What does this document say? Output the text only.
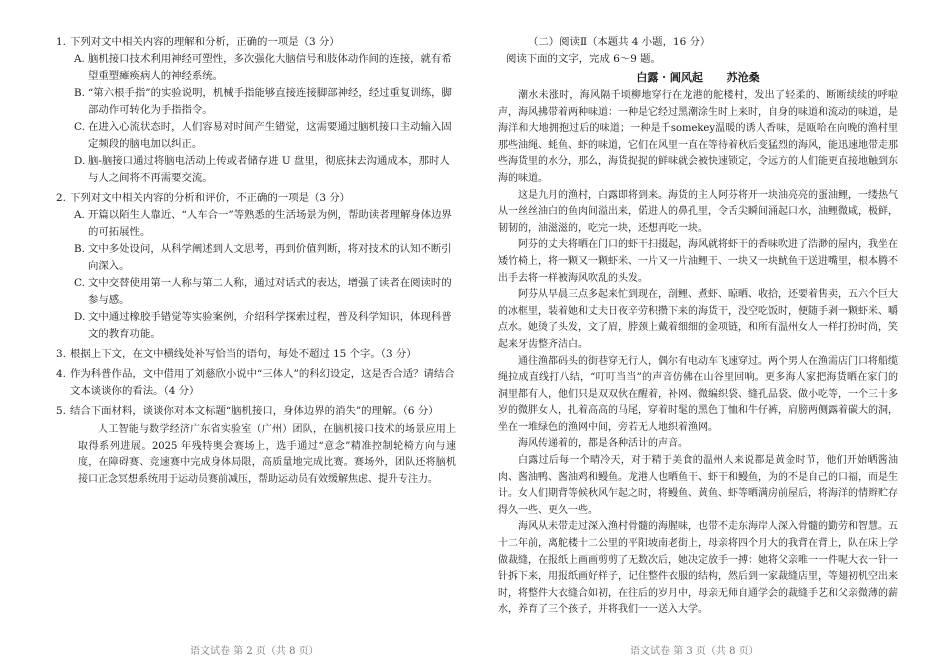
1. 下列对文中相关内容的理解和分析，正确的一项是（3 分）
A. 脑机接口技术利用神经可塑性，多次强化大脑信号和肢体动作间的连接，就有希望重塑瘫痪病人的神经系统。
B. “第六根手指”的实验说明，机械手指能够直接连接脚部神经，经过重复训练，脚部动作可转化为手指指令。
C. 在进入心流状态时，人们容易对时间产生错觉，这需要通过脑机接口主动输入固定频段的脑电加以纠正。
D. 脑-脑接口通过将脑电活动上传或者储存进 U 盘里，彻底抹去沟通成本，那时人与人之间将不再需要交流。
2. 下列对文中相关内容的分析和评价，不正确的一项是（3 分）
A. 开篇以陌生人靠近、“人车合一”等熟悉的生活场景为例，帮助读者理解身体边界的可拓展性。
B. 文中多处设问，从科学阐述到人文思考，再到价值判断，将对技术的认知不断引向深入。
C. 文中交替使用第一人称与第二人称，通过对话式的表达，增强了读者在阅读时的参与感。
D. 文中通过橡胶手错觉等实验案例，介绍科学探索过程，普及科学知识，体现科普文的教育功能。
3. 根据上下文，在文中横线处补写恰当的语句，每处不超过 15 个字。（3 分）
4. 作为科普作品，文中借用了刘慈欣小说中“三体人”的科幻设定，这是否合适？请结合文本谈谈你的看法。（4 分）
5. 结合下面材料，谈谈你对本文标题“脑机接口，身体边界的消失”的理解。（6 分）

人工智能与数学经济广东省实验室（广州）团队，在脑机接口技术的场景应用上取得系列进展。2025 年残特奥会赛场上，选手通过“意念”精准控制轮椅方向与速度，在障碍赛、竞速赛中完成身体局限，高质量地完成比赛。赛场外，团队还将脑机接口正念冥想系统用于运动员赛前减压，帮助运动员有效缓解焦虑、提升专注力。

（二）阅读Ⅱ（本题共 4 小题，16 分）
阅读下面的文字，完成 6～9 题。
白露 · 阊风起 苏沧桑

潮水未涨时，海风隔千顷柳地穿行在龙港的舵楼村，发出了轻柔的、断断续续的呼啦声，海风拂带着两种味道：一种是它经过黑潮涂生时上来时，自身的味道和流动的味道，是海洋和大地拥抱过后的味道；一种是千somekey温暖的诱人香味，是瓯哈在向晚的渔村里那些油绳、蚝鱼、虾的味道，它们在风里一直在等待着秋后变猛烈的海风，能迅速地带走那些海货里的水分，那么，海货捉捉的鲜味就会被快速锁定，令远方的人们能更直接地触到东海的味道。

这是九月的渔村，白露即将到来。海货的主人阿芬将开一块油亮亮的蛋油鲤，一缕热气从一丝丝油白的鱼肉间溢出来，偌进人的鼻孔里，令舌尖瞬间涌起口水，油鲤微咸，极鲜，韧韧的，油滋滋的，吃完一块，还想再吃一块。

阿芬的丈夫将晒在门口的虾干扫掇起，海风就将虾干的香味吹进了浩渺的屋内，我坐在矮竹椅上，将一颗又一颗虾米、一片又一片油鲤干、一块又一块鱿鱼干送进嘴里，根本腾不出手去将一样被海风吹乱的头发。

阿芬从早晨三点多起来忙到现在，剖鲤、煮虾、晾晒、收拾，还要着售卖，五六个巨大的冰框里，装着她和丈夫日夜辛劳积攒下来的海货干，没空吃饭时，便随手剥一颗虾米、嚼点水。她烫了头发，文了眉，脖颈上戴着细细的金项链，和所有温州女人一样打扮时尚，笑起来牙齿整齐洁白。

通往渔都码头的街巷穿无行人，偶尔有电动车飞速穿过。两个男人在渔需店门口将船缆绳拉成直线打八结，“叮叮当当”的声音仿佛在山谷里回响。更多海人家把海货晒在家门的洞里都有人，他们只是双双伙在醒着，补网、微编织袋、缝孔品袋、做小吃等，一个三十多岁的微胖女人，扎着高高的马尾，穿着时髦的黑色丁恤和牛仔裤，肩膀两侧露着碳大的洞，坐在一堆绿色的渔网中间，旁若无人地织着渔网。

海风传递着的，都是各种活计的声音。

白露过后每一个晴冷天，对于精于美食的温州人来说都是黄金时节，他们开始晒酱油肉、酱油鸭、酱油鸡和鳗鱼。龙港人也晒鱼干、虾干和鳗鱼，为的不是自己的口福，而是生计。女人们期背等候秋风乍起之时，将鳗鱼、黄鱼、虾等晒满房前屋后，将海洋的情辫贮存得久一些、更久一些。

海风从未带走过深入渔村骨髓的海腥味，也带不走东海岸人深入骨髓的勤劳和智慧。五十二年前，离舵楼十二公里的平阳坡南老街上，母亲将四个月大的我背在背上，队在床上学做裁缝，在报纸上画画剪剪了无数次后，她决定放手一搏：她将父亲唯一一件呢大衣一针一针拆下来，用报纸画好样子，记住整件衣服的结构，然后到一家裁缝店里，等翅初机空出来时，将整件大衣缝合如初，在往后的岁月中，母亲无师自通学会的裁缝手艺和父亲微薄的薪水，养育了三个孩子，并将我们一一送入大学。

语文试卷 第 2 页（共 8 页）	语文试卷 第 3 页（共 8 页）
